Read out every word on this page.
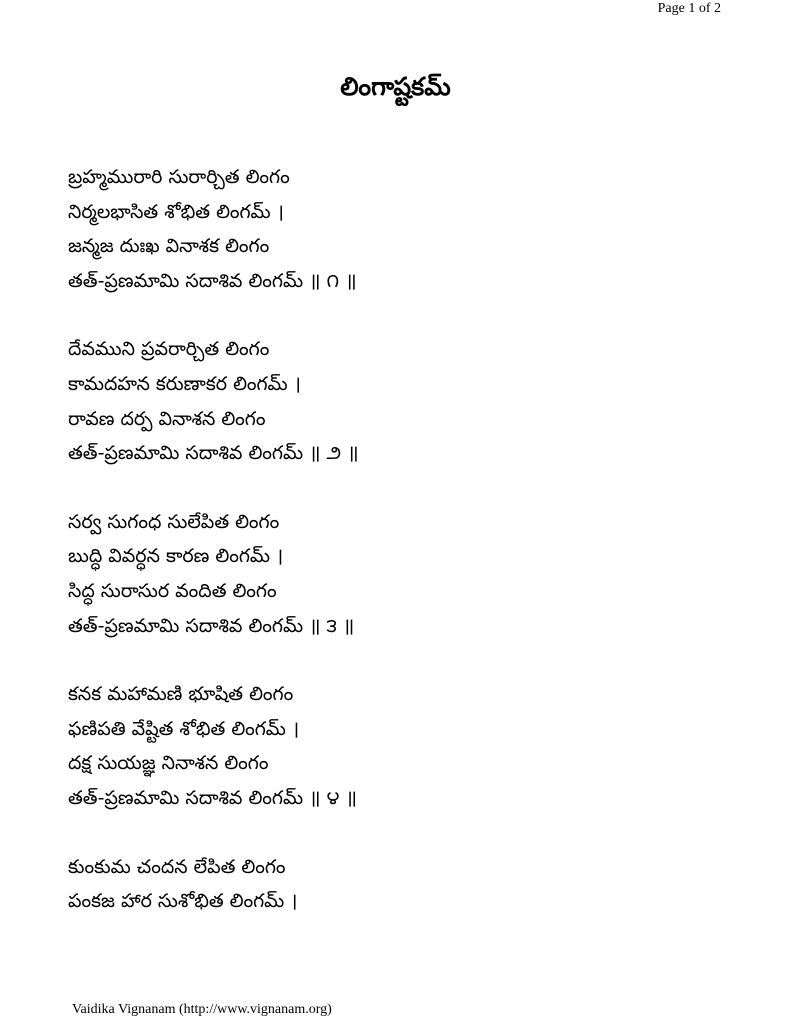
Page 1 of 2
లింగాష్టకమ్
బ్రహ్మమురారి సురార్చిత లింగం
నిర్మలభాసిత శోభిత లింగమ్ ।
జన్మజ దుఃఖ వినాశక లింగం
తత్-ప్రణమామి సదాశివ లింగమ్ ॥ ౧ ॥
దేవముని ప్రవరార్చిత లింగం
కామదహన కరుణాకర లింగమ్ ।
రావణ దర్ప వినాశన లింగం
తత్-ప్రణమామి సదాశివ లింగమ్ ॥ ౨ ॥
సర్వ సుగంధ సులేపిత లింగం
బుద్ధి వివర్ధన కారణ లింగమ్ ।
సిద్ధ సురాసుర వందిత లింగం
తత్-ప్రణమామి సదాశివ లింగమ్ ॥ ౩ ॥
కనక మహామణి భూషిత లింగం
ఫణిపతి వేష్టిత శోభిత లింగమ్ ।
దక్ష సుయజ్ఞ నినాశన లింగం
తత్-ప్రణమామి సదాశివ లింగమ్ ॥ ౪ ॥
కుంకుమ చందన లేపిత లింగం
పంకజ హార సుశోభిత లింగమ్ ।
Vaidika Vignanam (http://www.vignanam.org)
